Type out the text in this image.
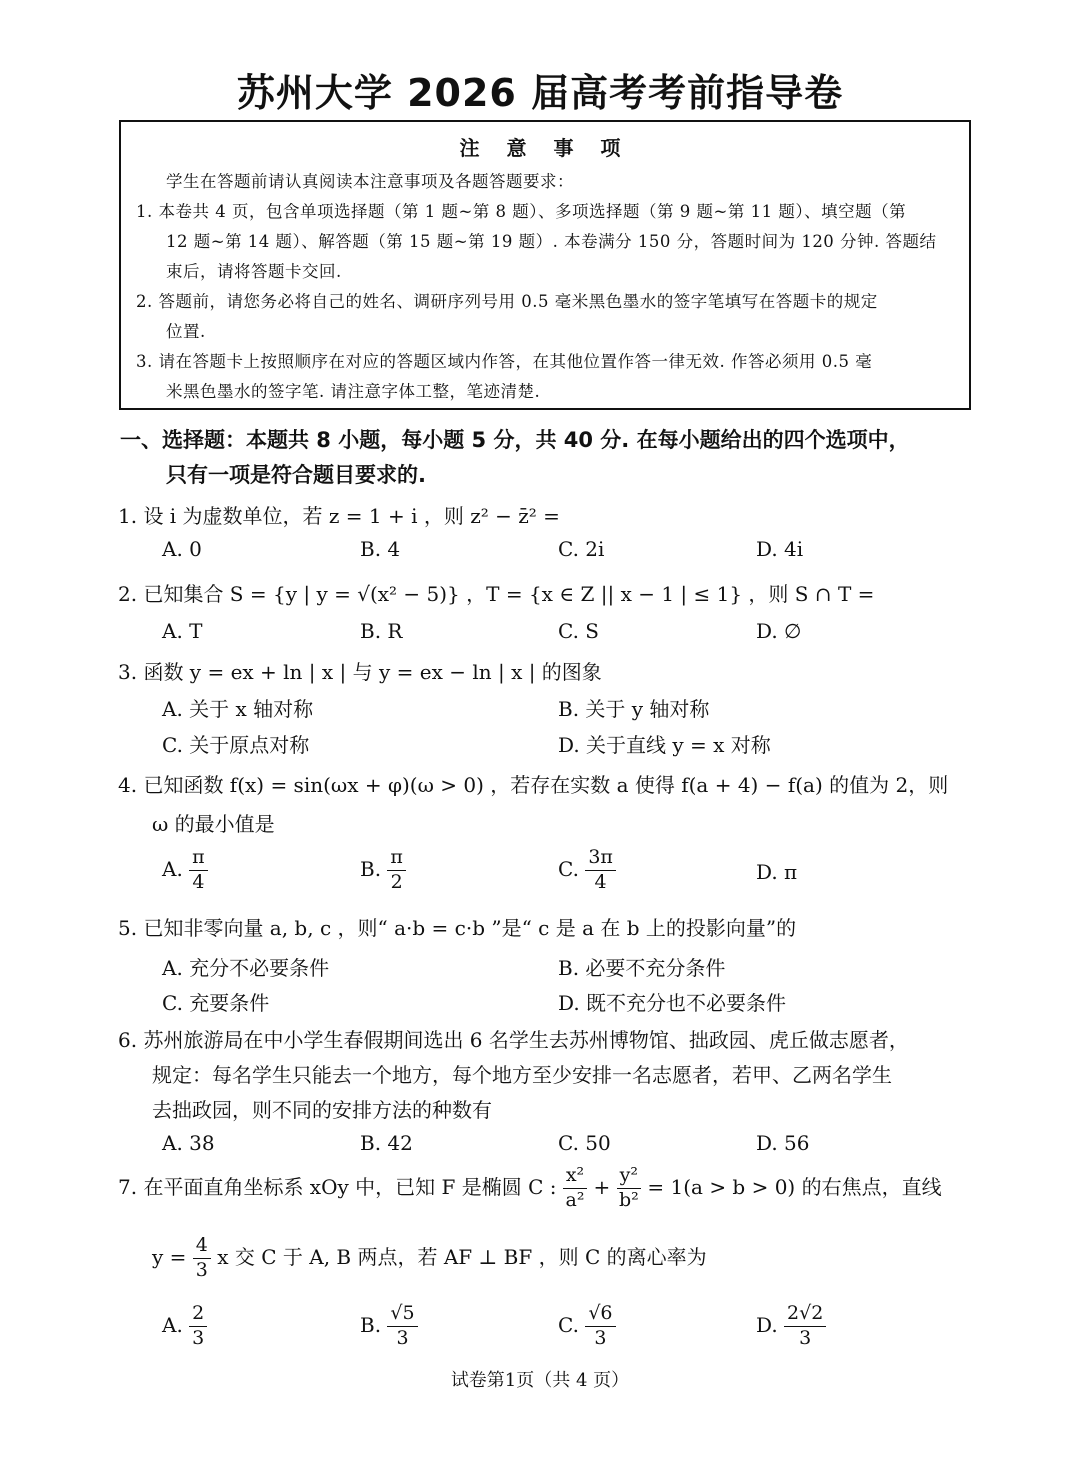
苏州大学 2026 届高考考前指导卷
注 意 事 项
学生在答题前请认真阅读本注意事项及各题答题要求：
1. 本卷共 4 页，包含单项选择题（第 1 题~第 8 题）、多项选择题（第 9 题~第 11 题）、填空题（第
12 题~第 14 题）、解答题（第 15 题~第 19 题）. 本卷满分 150 分，答题时间为 120 分钟. 答题结
束后，请将答题卡交回.
2. 答题前，请您务必将自己的姓名、调研序列号用 0.5 毫米黑色墨水的签字笔填写在答题卡的规定
位置.
3. 请在答题卡上按照顺序在对应的答题区域内作答，在其他位置作答一律无效. 作答必须用 0.5 毫
米黑色墨水的签字笔. 请注意字体工整，笔迹清楚.
一、选择题：本题共 8 小题，每小题 5 分，共 40 分. 在每小题给出的四个选项中，
只有一项是符合题目要求的.
1. 设 i 为虚数单位，若 z = 1 + i ，则 z² − z̄² =
A. 0	B. 4	C. 2i	D. 4i
2. 已知集合 S = {y | y = √(x² − 5)} ，T = {x ∈ Z || x − 1 | ≤ 1} ，则 S ∩ T =
A. T	B. R	C. S	D. ∅
3. 函数 y = ex + ln | x | 与 y = ex − ln | x | 的图象
A. 关于 x 轴对称	B. 关于 y 轴对称
C. 关于原点对称	D. 关于直线 y = x 对称
4. 已知函数 f(x) = sin(ωx + φ)(ω > 0) ，若存在实数 a 使得 f(a + 4) − f(a) 的值为 2，则
ω 的最小值是
A. $\frac{\pi}{4}$	B. $\frac{\pi}{2}$	C. $\frac{3\pi}{4}$	D. π
5. 已知非零向量 a, b, c ，则“ a·b = c·b ”是“ c 是 a 在 b 上的投影向量”的
A. 充分不必要条件	B. 必要不充分条件
C. 充要条件	D. 既不充分也不必要条件
6. 苏州旅游局在中小学生春假期间选出 6 名学生去苏州博物馆、拙政园、虎丘做志愿者，
规定：每名学生只能去一个地方，每个地方至少安排一名志愿者，若甲、乙两名学生
去拙政园，则不同的安排方法的种数有
A. 38	B. 42	C. 50	D. 56
7. 在平面直角坐标系 xOy 中，已知 F 是椭圆 C : $\frac{\text{x²}}{\text{a²}} + \frac{\text{y²}}{\text{b²}} = 1(a > b > 0)$ 的右焦点，直线
$y = \frac{4}{3}$ x 交 C 于 A, B 两点，若 AF ⊥ BF ，则 C 的离心率为
A. $\frac{2}{3}$	B. $\frac{√5}{3}$	C. $\frac{√6}{3}$	D. $\frac{2√2}{3}$
试卷第1页（共 4 页）
